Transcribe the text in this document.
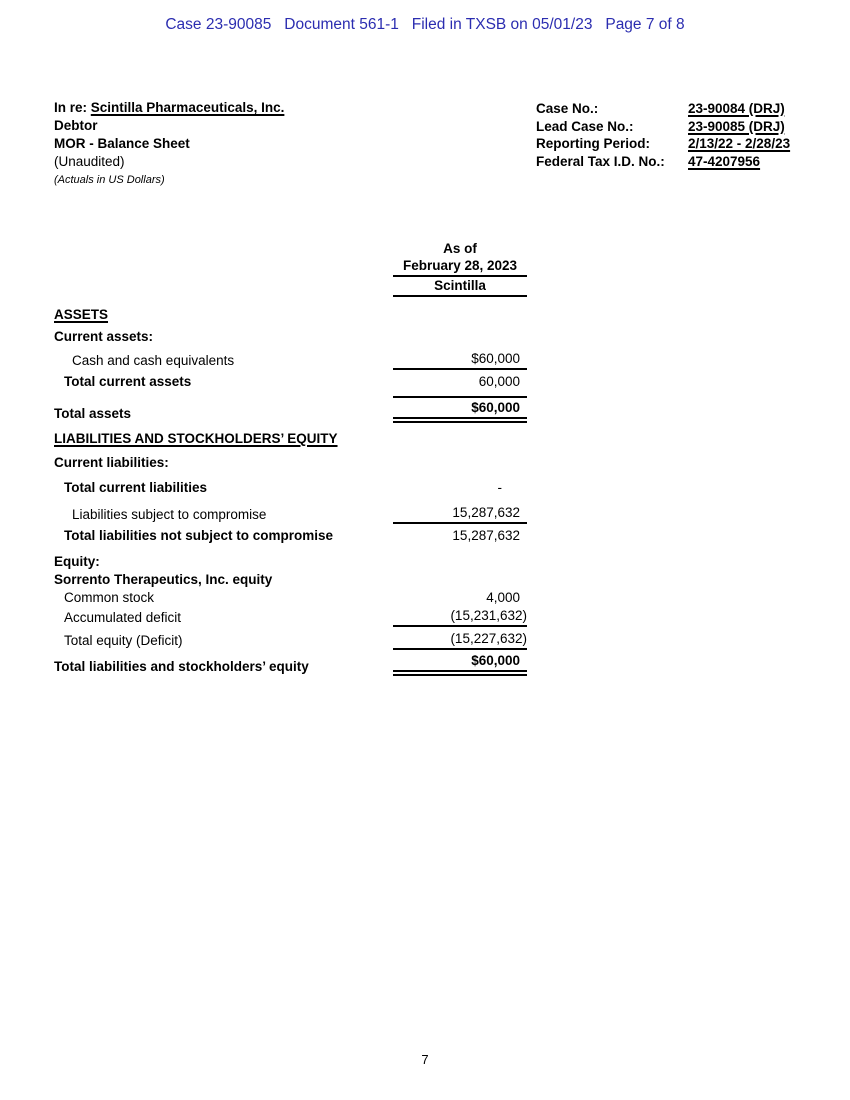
Case 23-90085   Document 561-1   Filed in TXSB on 05/01/23   Page 7 of 8
In re: Scintilla Pharmaceuticals, Inc.
Debtor
MOR - Balance Sheet
(Unaudited)
(Actuals in US Dollars)
Case No.:	23-90084 (DRJ)
Lead Case No.:	23-90085 (DRJ)
Reporting Period:	2/13/22 - 2/28/23
Federal Tax I.D. No.:	47-4207956
As of
February 28, 2023
Scintilla
ASSETS
Current assets:
Cash and cash equivalents	$60,000
Total current assets	60,000
Total assets	$60,000
LIABILITIES AND STOCKHOLDERS’ EQUITY
Current liabilities:
Total current liabilities	-
Liabilities subject to compromise	15,287,632
Total liabilities not subject to compromise	15,287,632
Equity:
Sorrento Therapeutics, Inc. equity
Common stock	4,000
Accumulated deficit	(15,231,632)
Total equity (Deficit)	(15,227,632)
Total liabilities and stockholders’ equity	$60,000
7
